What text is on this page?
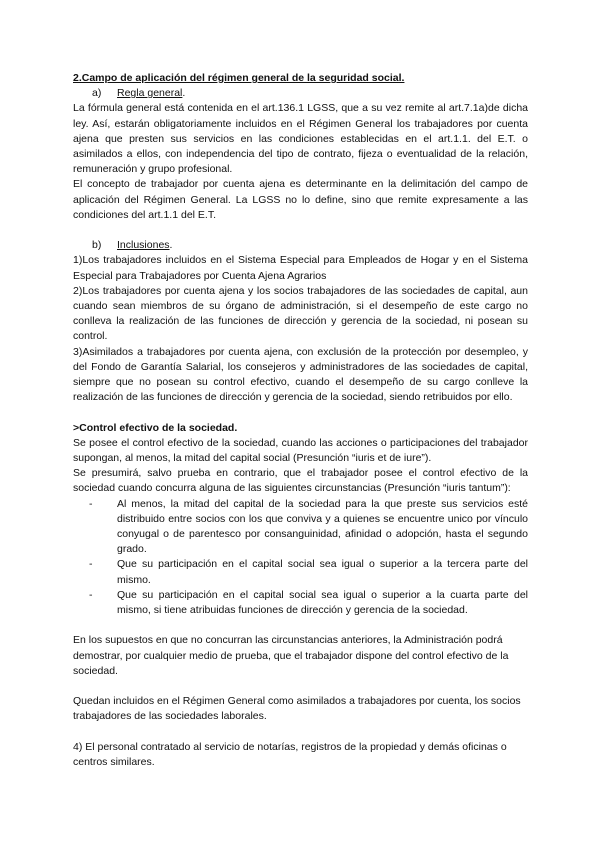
2.Campo de aplicación del régimen general de la seguridad social.

a) Regla general.

La fórmula general está contenida en el art.136.1 LGSS, que a su vez remite al art.7.1a)de dicha ley. Así, estarán obligatoriamente incluidos en el Régimen General los trabajadores por cuenta ajena que presten sus servicios en las condiciones establecidas en el art.1.1. del E.T. o asimilados a ellos, con independencia del tipo de contrato, fijeza o eventualidad de la relación, remuneración y grupo profesional.

El concepto de trabajador por cuenta ajena es determinante en la delimitación del campo de aplicación del Régimen General. La LGSS no lo define, sino que remite expresamente a las condiciones del art.1.1 del E.T.

b) Inclusiones.

1)Los trabajadores incluidos en el Sistema Especial para Empleados de Hogar y en el Sistema Especial para Trabajadores por Cuenta Ajena Agrarios

2)Los trabajadores por cuenta ajena y los socios trabajadores de las sociedades de capital, aun cuando sean miembros de su órgano de administración, si el desempeño de este cargo no conlleva la realización de las funciones de dirección y gerencia de la sociedad, ni posean su control.

3)Asimilados a trabajadores por cuenta ajena, con exclusión de la protección por desempleo, y del Fondo de Garantía Salarial, los consejeros y administradores de las sociedades de capital, siempre que no posean su control efectivo, cuando el desempeño de su cargo conlleve la realización de las funciones de dirección y gerencia de la sociedad, siendo retribuidos por ello.

>Control efectivo de la sociedad.

Se posee el control efectivo de la sociedad, cuando las acciones o participaciones del trabajador supongan, al menos, la mitad del capital social (Presunción “iuris et de iure”).

Se presumirá, salvo prueba en contrario, que el trabajador posee el control efectivo de la sociedad cuando concurra alguna de las siguientes circunstancias (Presunción “iuris tantum”):

- Al menos, la mitad del capital de la sociedad para la que preste sus servicios esté distribuido entre socios con los que conviva y a quienes se encuentre unico por vínculo conyugal o de parentesco por consanguinidad, afinidad o adopción, hasta el segundo grado.
- Que su participación en el capital social sea igual o superior a la tercera parte del mismo.
- Que su participación en el capital social sea igual o superior a la cuarta parte del mismo, si tiene atribuidas funciones de dirección y gerencia de la sociedad.

En los supuestos en que no concurran las circunstancias anteriores, la Administración podrá demostrar, por cualquier medio de prueba, que el trabajador dispone del control efectivo de la sociedad.

Quedan incluidos en el Régimen General como asimilados a trabajadores por cuenta, los socios trabajadores de las sociedades laborales.

4) El personal contratado al servicio de notarías, registros de la propiedad y demás oficinas o centros similares.
